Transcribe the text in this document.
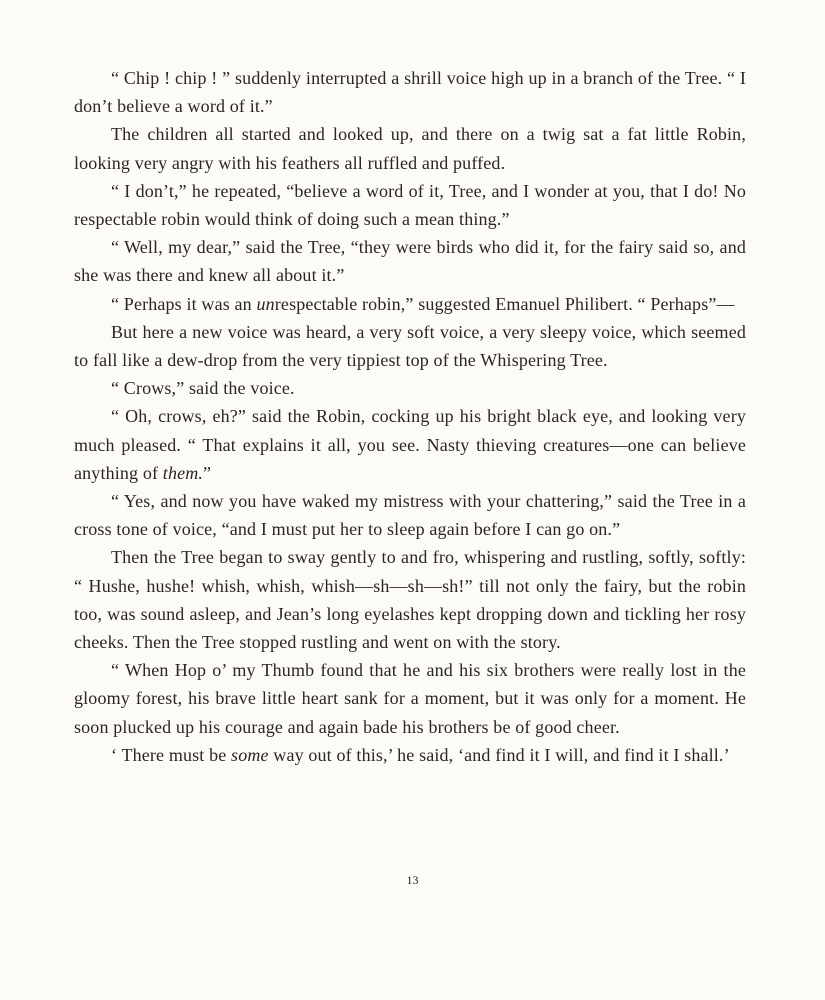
“ Chip ! chip ! ” suddenly interrupted a shrill voice high up in a branch of the Tree. “ I don’t believe a word of it.”

The children all started and looked up, and there on a twig sat a fat little Robin, looking very angry with his feathers all ruffled and puffed.

“ I don’t,” he repeated, “believe a word of it, Tree, and I wonder at you, that I do! No respectable robin would think of doing such a mean thing.”

“ Well, my dear,” said the Tree, “they were birds who did it, for the fairy said so, and she was there and knew all about it.”

“ Perhaps it was an unrespectable robin,” suggested Emanuel Philibert. “ Perhaps”—

But here a new voice was heard, a very soft voice, a very sleepy voice, which seemed to fall like a dew-drop from the very tippiest top of the Whispering Tree.

“ Crows,” said the voice.

“ Oh, crows, eh?” said the Robin, cocking up his bright black eye, and looking very much pleased. “ That explains it all, you see. Nasty thieving creatures—one can believe anything of them.”

“ Yes, and now you have waked my mistress with your chattering,” said the Tree in a cross tone of voice, “and I must put her to sleep again before I can go on.”

Then the Tree began to sway gently to and fro, whispering and rustling, softly, softly: “ Hushe, hushe! whish, whish, whish—sh—sh—sh!” till not only the fairy, but the robin too, was sound asleep, and Jean’s long eyelashes kept dropping down and tickling her rosy cheeks. Then the Tree stopped rustling and went on with the story.

“ When Hop o’ my Thumb found that he and his six brothers were really lost in the gloomy forest, his brave little heart sank for a moment, but it was only for a moment. He soon plucked up his courage and again bade his brothers be of good cheer.

‘ There must be some way out of this,’ he said, ‘and find it I will, and find it I shall.’

13
